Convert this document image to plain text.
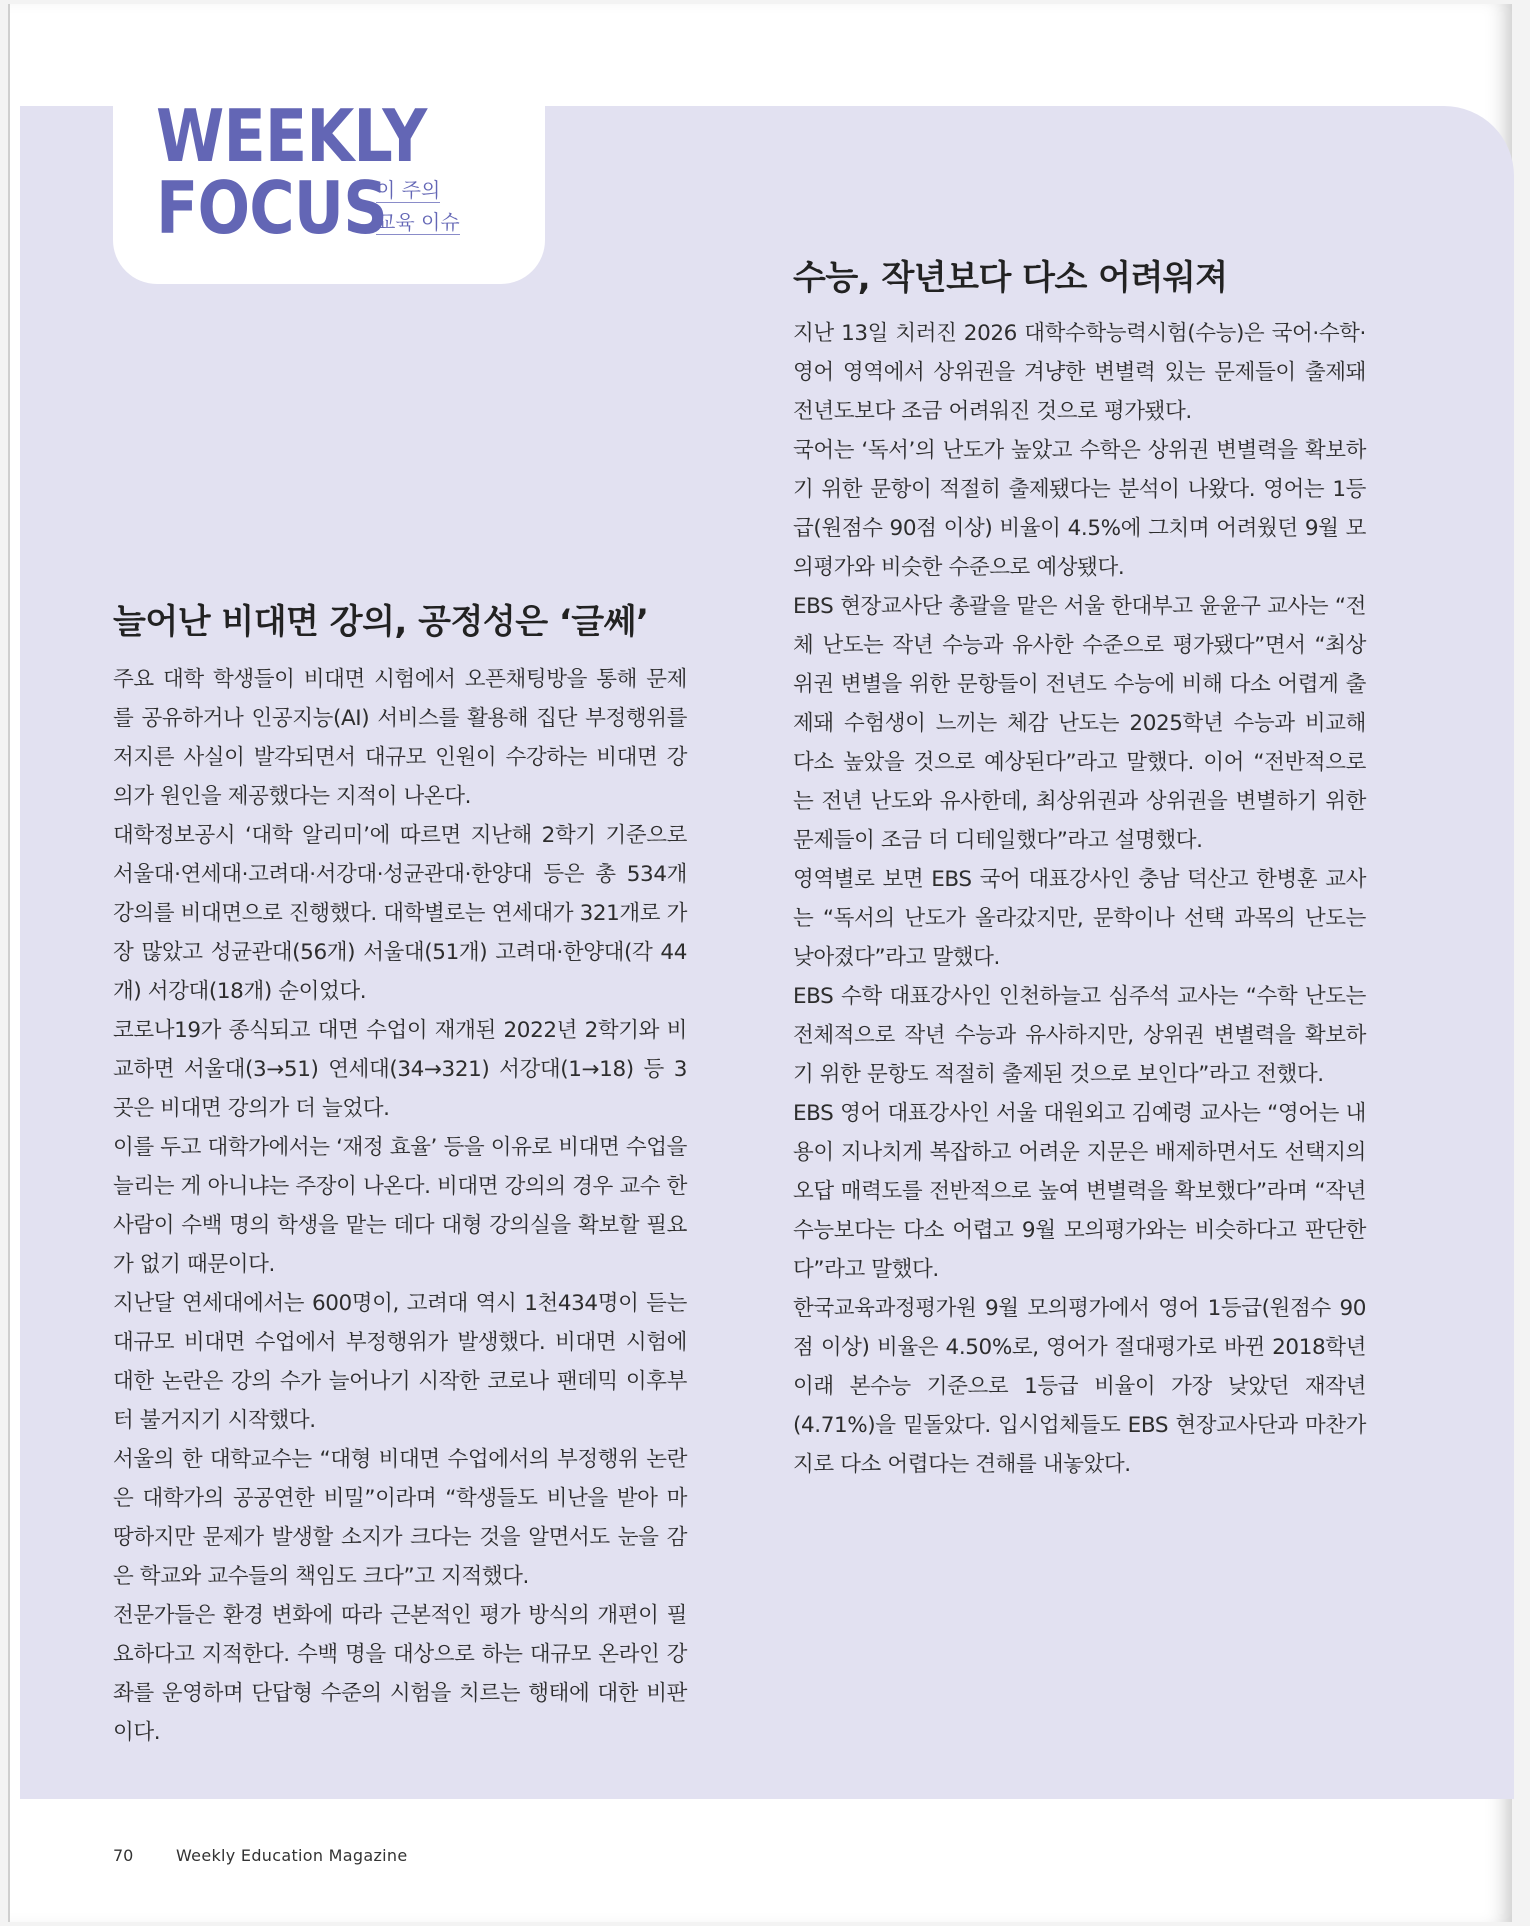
WEEKLY
FOCUS
이 주의
교육 이슈
수능, 작년보다 다소 어려워져

지난 13일 치러진 2026 대학수학능력시험(수능)은 국어·수학·영어 영역에서 상위권을 겨냥한 변별력 있는 문제들이 출제돼 전년도보다 조금 어려워진 것으로 평가됐다.

국어는 ‘독서’의 난도가 높았고 수학은 상위권 변별력을 확보하기 위한 문항이 적절히 출제됐다는 분석이 나왔다. 영어는 1등급(원점수 90점 이상) 비율이 4.5%에 그치며 어려웠던 9월 모의평가와 비슷한 수준으로 예상됐다.

EBS 현장교사단 총괄을 맡은 서울 한대부고 윤윤구 교사는 “전체 난도는 작년 수능과 유사한 수준으로 평가됐다”면서 “최상위권 변별을 위한 문항들이 전년도 수능에 비해 다소 어렵게 출제돼 수험생이 느끼는 체감 난도는 2025학년 수능과 비교해 다소 높았을 것으로 예상된다”라고 말했다. 이어 “전반적으로는 전년 난도와 유사한데, 최상위권과 상위권을 변별하기 위한 문제들이 조금 더 디테일했다”라고 설명했다.

영역별로 보면 EBS 국어 대표강사인 충남 덕산고 한병훈 교사는 “독서의 난도가 올라갔지만, 문학이나 선택 과목의 난도는 낮아졌다”라고 말했다.

EBS 수학 대표강사인 인천하늘고 심주석 교사는 “수학 난도는 전체적으로 작년 수능과 유사하지만, 상위권 변별력을 확보하기 위한 문항도 적절히 출제된 것으로 보인다”라고 전했다.

EBS 영어 대표강사인 서울 대원외고 김예령 교사는 “영어는 내용이 지나치게 복잡하고 어려운 지문은 배제하면서도 선택지의 오답 매력도를 전반적으로 높여 변별력을 확보했다”라며 “작년 수능보다는 다소 어렵고 9월 모의평가와는 비슷하다고 판단한다”라고 말했다.

한국교육과정평가원 9월 모의평가에서 영어 1등급(원점수 90점 이상) 비율은 4.50%로, 영어가 절대평가로 바뀐 2018학년 이래 본수능 기준으로 1등급 비율이 가장 낮았던 재작년(4.71%)을 밑돌았다. 입시업체들도 EBS 현장교사단과 마찬가지로 다소 어렵다는 견해를 내놓았다.

늘어난 비대면 강의, 공정성은 ‘글쎄’

주요 대학 학생들이 비대면 시험에서 오픈채팅방을 통해 문제를 공유하거나 인공지능(AI) 서비스를 활용해 집단 부정행위를 저지른 사실이 발각되면서 대규모 인원이 수강하는 비대면 강의가 원인을 제공했다는 지적이 나온다.

대학정보공시 ‘대학 알리미’에 따르면 지난해 2학기 기준으로 서울대·연세대·고려대·서강대·성균관대·한양대 등은 총 534개 강의를 비대면으로 진행했다. 대학별로는 연세대가 321개로 가장 많았고 성균관대(56개) 서울대(51개) 고려대·한양대(각 44개) 서강대(18개) 순이었다.

코로나19가 종식되고 대면 수업이 재개된 2022년 2학기와 비교하면 서울대(3→51) 연세대(34→321) 서강대(1→18) 등 3곳은 비대면 강의가 더 늘었다.

이를 두고 대학가에서는 ‘재정 효율’ 등을 이유로 비대면 수업을 늘리는 게 아니냐는 주장이 나온다. 비대면 강의의 경우 교수 한 사람이 수백 명의 학생을 맡는 데다 대형 강의실을 확보할 필요가 없기 때문이다.

지난달 연세대에서는 600명이, 고려대 역시 1천434명이 듣는 대규모 비대면 수업에서 부정행위가 발생했다. 비대면 시험에 대한 논란은 강의 수가 늘어나기 시작한 코로나 팬데믹 이후부터 불거지기 시작했다.

서울의 한 대학교수는 “대형 비대면 수업에서의 부정행위 논란은 대학가의 공공연한 비밀”이라며 “학생들도 비난을 받아 마땅하지만 문제가 발생할 소지가 크다는 것을 알면서도 눈을 감은 학교와 교수들의 책임도 크다”고 지적했다.

전문가들은 환경 변화에 따라 근본적인 평가 방식의 개편이 필요하다고 지적한다. 수백 명을 대상으로 하는 대규모 온라인 강좌를 운영하며 단답형 수준의 시험을 치르는 행태에 대한 비판이다.

70	Weekly Education Magazine
